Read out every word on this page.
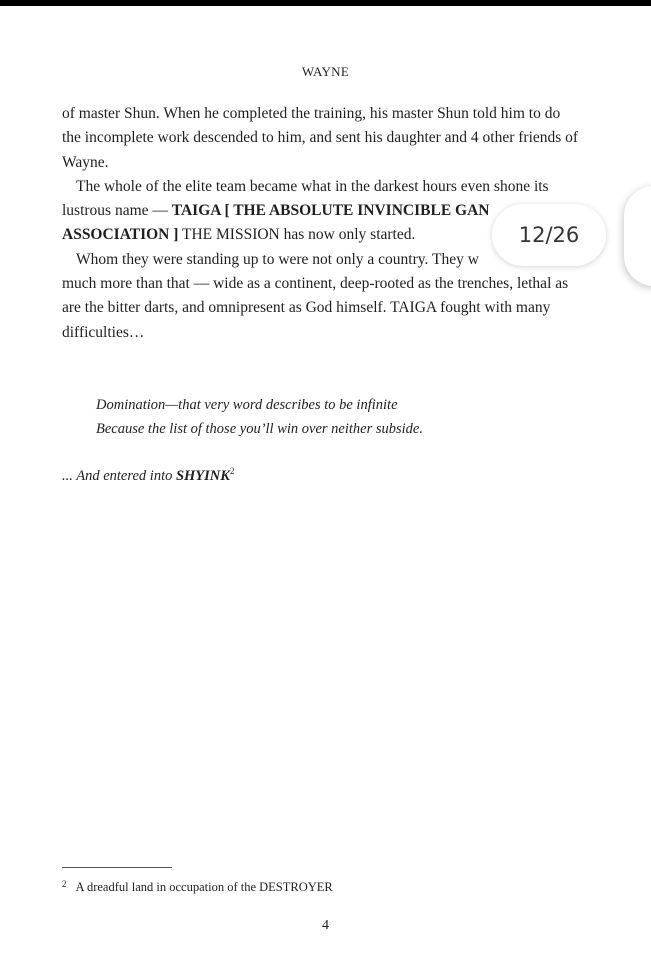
WAYNE

of master Shun. When he completed the training, his master Shun told him to do the incomplete work descended to him, and sent his daughter and 4 other friends of Wayne.

The whole of the elite team became what in the darkest hours even shone its lustrous name — TAIGA [ THE ABSOLUTE INVINCIBLE GAN
ASSOCIATION ] THE MISSION has now only started.

Whom they were standing up to were not only a country. They w
much more than that — wide as a continent, deep-rooted as the trenches, lethal as are the bitter darts, and omnipresent as God himself. TAIGA fought with many difficulties…

Domination—that very word describes to be infinite
Because the list of those you’ll win over neither subside.
... And entered into SHYINK$^2$
$^2$ A dreadful land in occupation of the DESTROYER
4
12/26
